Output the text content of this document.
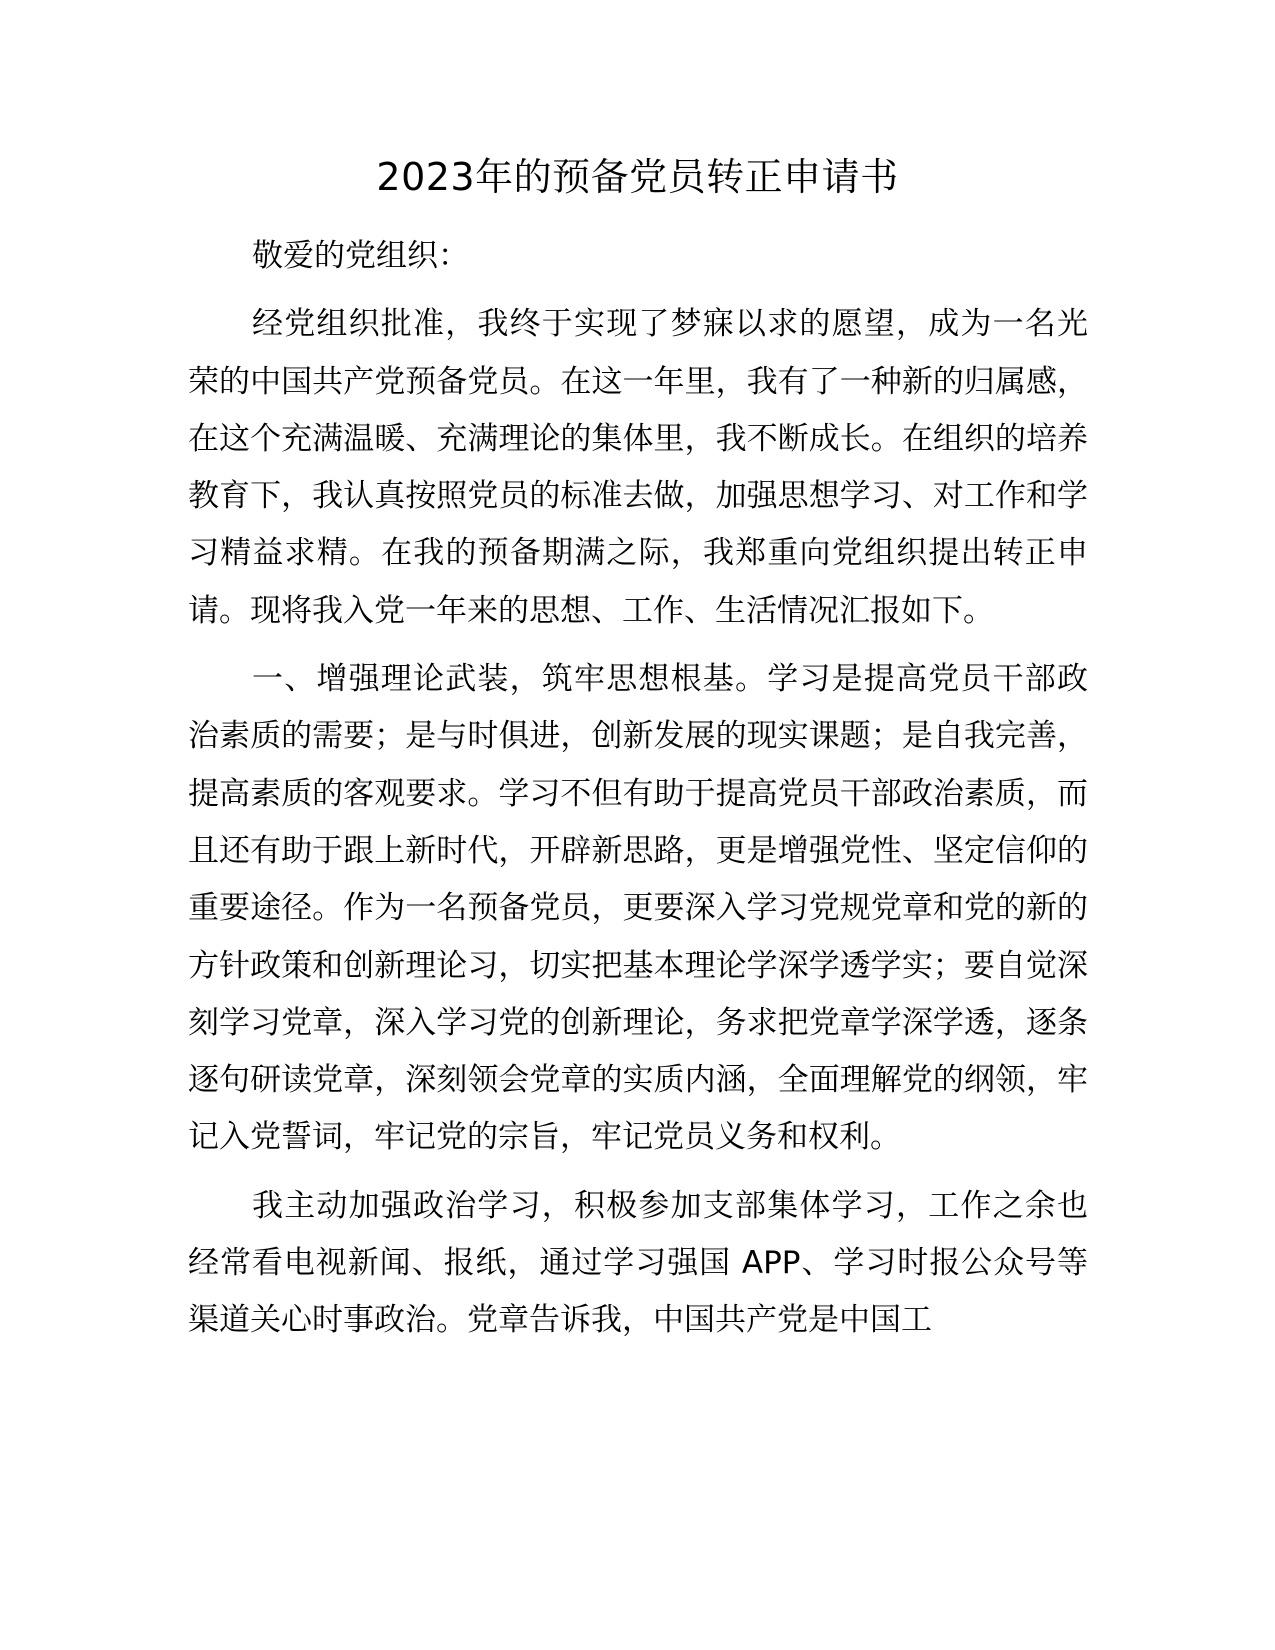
2023年的预备党员转正申请书

敬爱的党组织：

经党组织批准，我终于实现了梦寐以求的愿望，成为一名光荣的中国共产党预备党员。在这一年里，我有了一种新的归属感，在这个充满温暖、充满理论的集体里，我不断成长。在组织的培养教育下，我认真按照党员的标准去做，加强思想学习、对工作和学习精益求精。在我的预备期满之际，我郑重向党组织提出转正申请。现将我入党一年来的思想、工作、生活情况汇报如下。

一、增强理论武装，筑牢思想根基。学习是提高党员干部政治素质的需要；是与时俱进，创新发展的现实课题；是自我完善，提高素质的客观要求。学习不但有助于提高党员干部政治素质，而且还有助于跟上新时代，开辟新思路，更是增强党性、坚定信仰的重要途径。作为一名预备党员，更要深入学习党规党章和党的新的方针政策和创新理论习，切实把基本理论学深学透学实；要自觉深刻学习党章，深入学习党的创新理论，务求把党章学深学透，逐条逐句研读党章，深刻领会党章的实质内涵，全面理解党的纲领，牢记入党誓词，牢记党的宗旨，牢记党员义务和权利。

我主动加强政治学习，积极参加支部集体学习，工作之余也经常看电视新闻、报纸，通过学习强国 APP、学习时报公众号等渠道关心时事政治。党章告诉我，中国共产党是中国工
